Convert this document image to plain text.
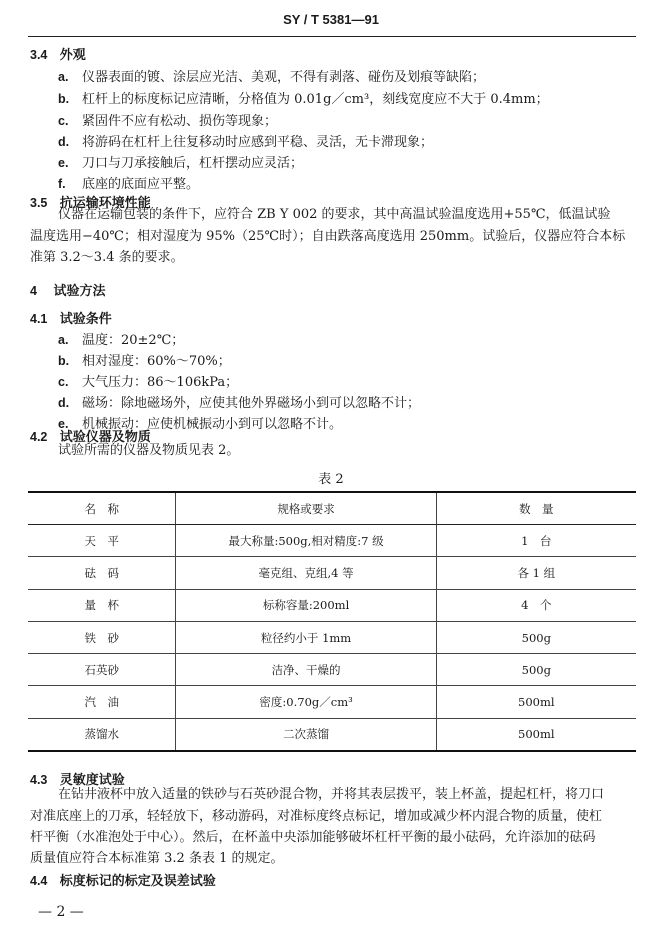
SY / T 5381—91
3.4 外观
a. 仪器表面的镀、涂层应光洁、美观，不得有剥落、碰伤及划痕等缺陷；
b. 杠杆上的标度标记应清晰，分格值为 0.01g／cm³，刻线宽度应不大于 0.4mm；
c. 紧固件不应有松动、损伤等现象；
d. 将游码在杠杆上往复移动时应感到平稳、灵活，无卡滞现象；
e. 刀口与刀承接触后，杠杆摆动应灵活；
f. 底座的底面应平整。
3.5 抗运输环境性能
仪器在运输包装的条件下，应符合 ZB Y 002 的要求，其中高温试验温度选用+55℃，低温试验
温度选用−40℃；相对湿度为 95%（25℃时）；自由跌落高度选用 250mm。试验后，仪器应符合本标
准第 3.2～3.4 条的要求。
4 试验方法
4.1 试验条件
a. 温度：20±2℃；
b. 相对湿度：60%～70%；
c. 大气压力：86～106kPa；
d. 磁场：除地磁场外，应使其他外界磁场小到可以忽略不计；
e. 机械振动：应使机械振动小到可以忽略不计。
4.2 试验仪器及物质
试验所需的仪器及物质见表 2。
表 2
名　称	规格或要求	数　量
天　平	最大称量:500g,相对精度:7 级	1　台
砝　码	毫克组、克组,4 等	各 1 组
量　杯	标称容量:200ml	4　个
铁　砂	粒径约小于 1mm	500g
石英砂	洁净、干燥的	500g
汽　油	密度:0.70g／cm³	500ml
蒸馏水	二次蒸馏	500ml
4.3 灵敏度试验
在钻井液杯中放入适量的铁砂与石英砂混合物，并将其表层拨平，装上杯盖，提起杠杆，将刀口
对准底座上的刀承，轻轻放下，移动游码，对准标度终点标记，增加或减少杯内混合物的质量，使杠
杆平衡（水准泡处于中心）。然后，在杯盖中央添加能够破坏杠杆平衡的最小砝码，允许添加的砝码
质量值应符合本标准第 3.2 条表 1 的规定。
4.4 标度标记的标定及误差试验
— 2 —
